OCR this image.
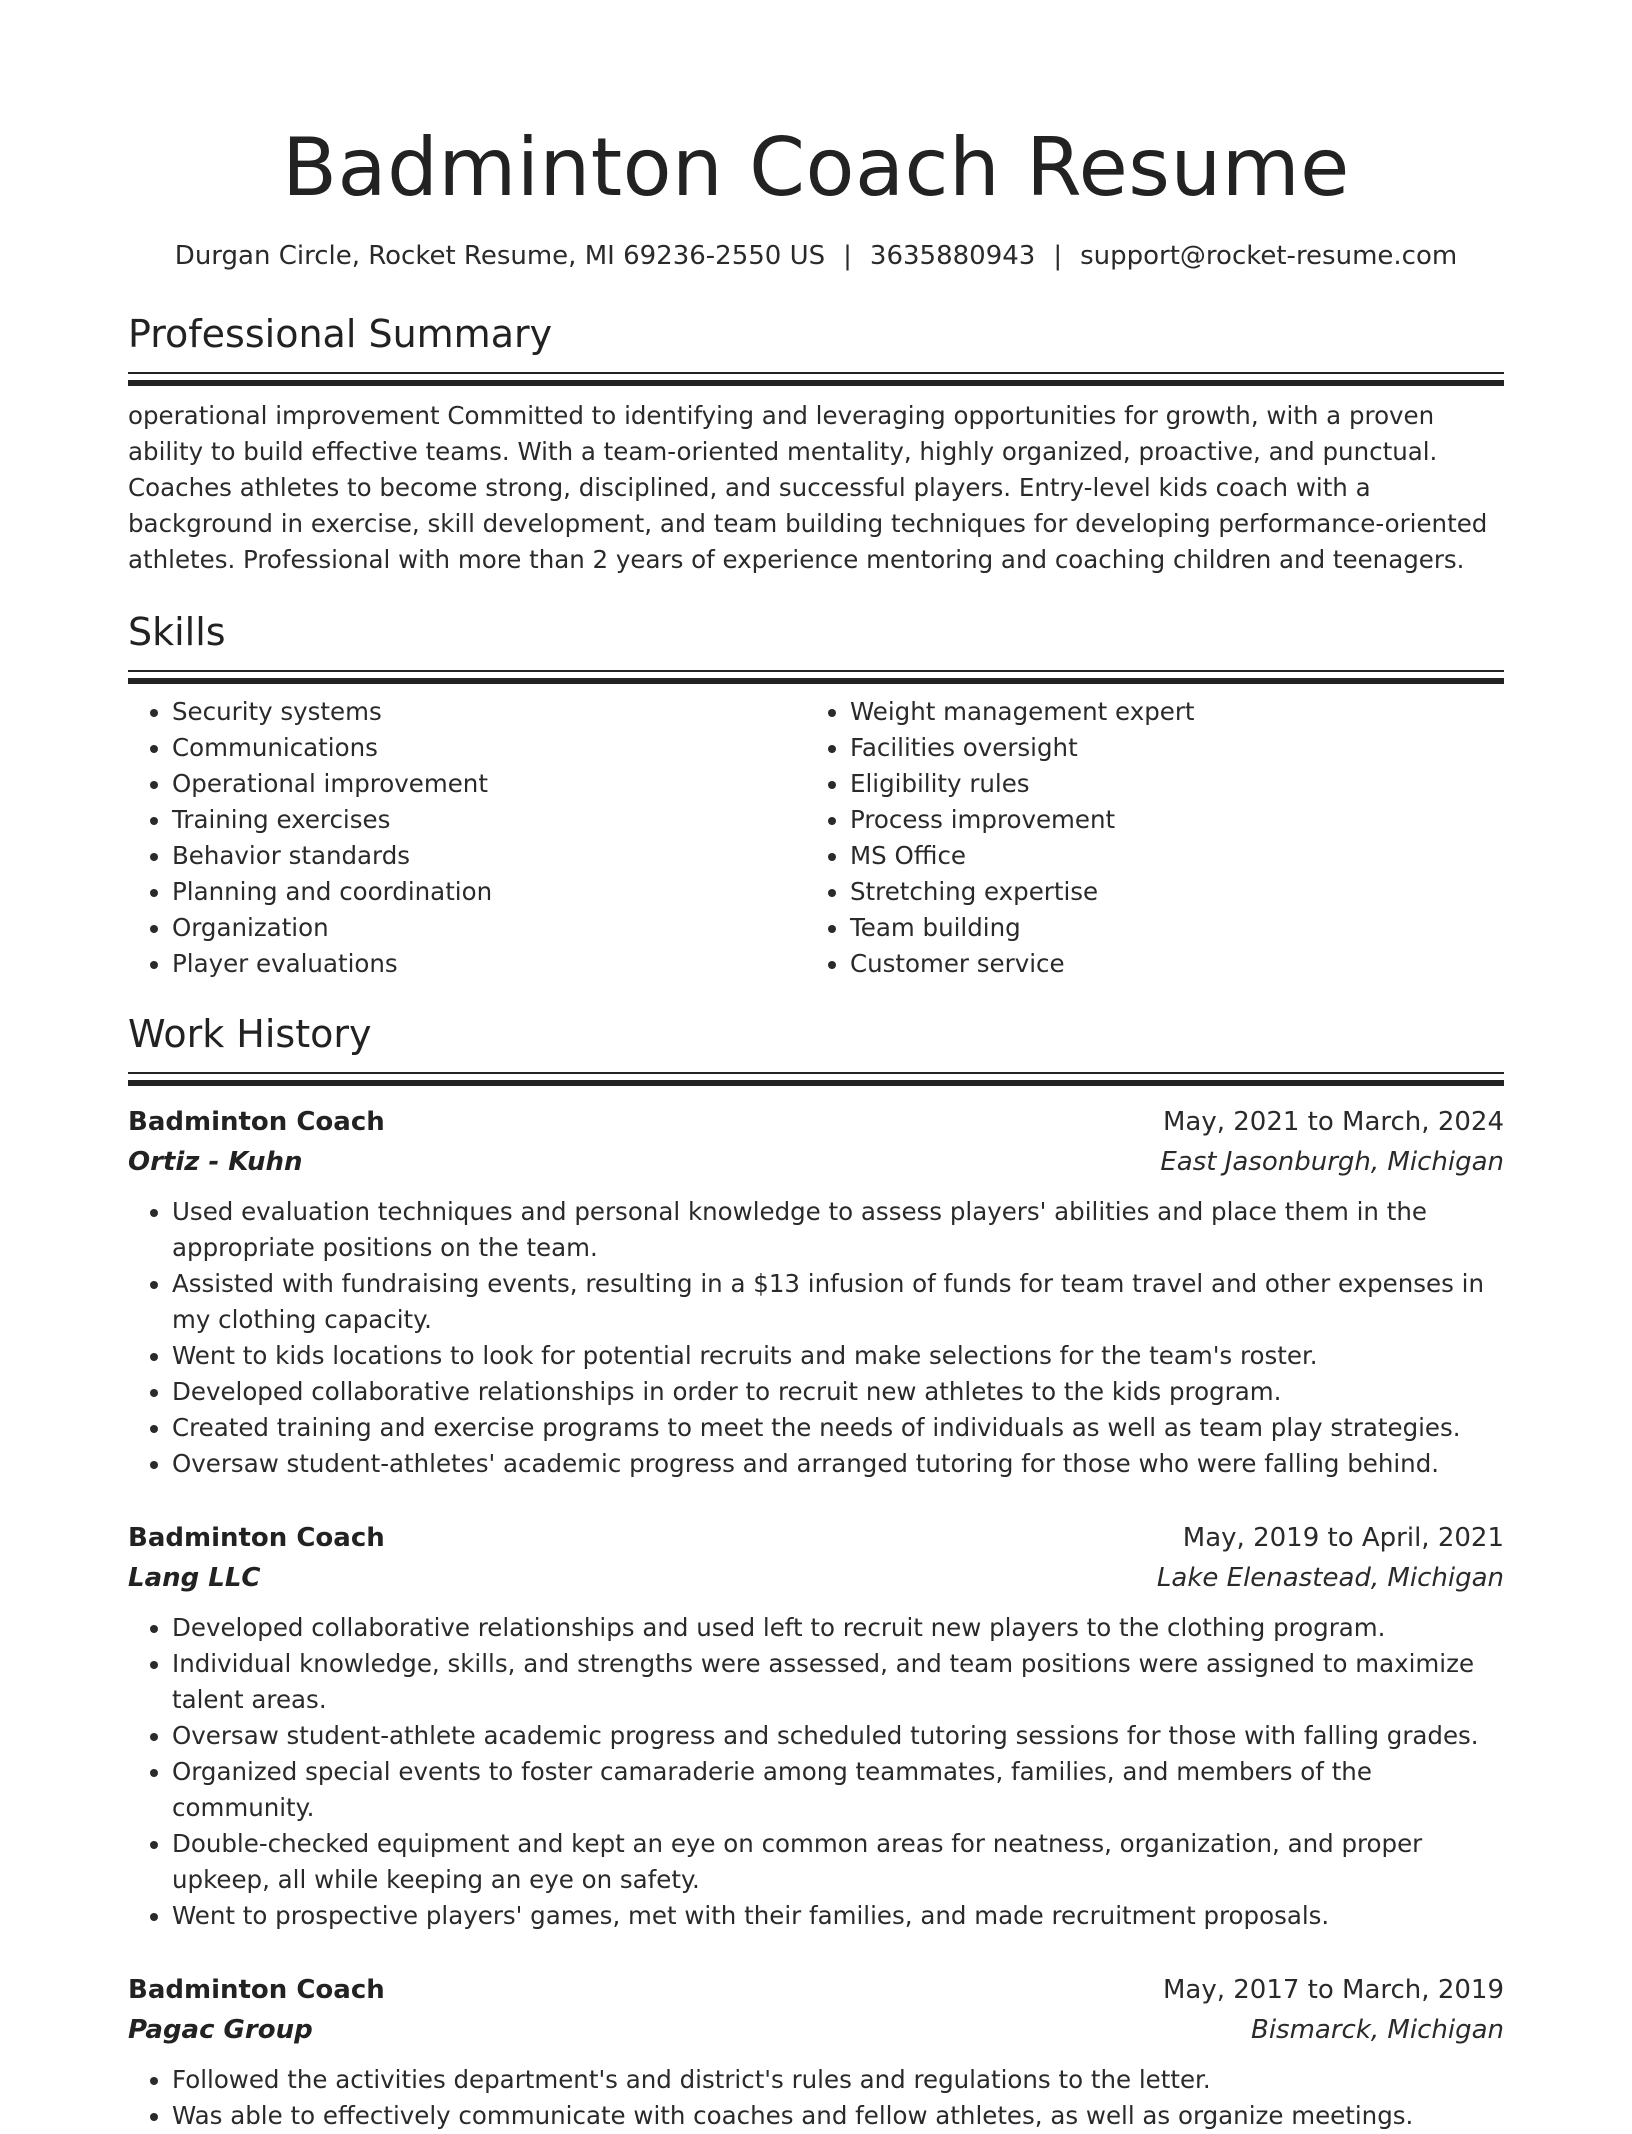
Badminton Coach Resume
Durgan Circle, Rocket Resume, MI 69236-2550 US | 3635880943 | support@rocket-resume.com
Professional Summary

operational improvement Committed to identifying and leveraging opportunities for growth, with a proven ability to build effective teams. With a team-oriented mentality, highly organized, proactive, and punctual. Coaches athletes to become strong, disciplined, and successful players. Entry-level kids coach with a background in exercise, skill development, and team building techniques for developing performance-oriented athletes. Professional with more than 2 years of experience mentoring and coaching children and teenagers.

Skills
• Security systems
• Communications
• Operational improvement
• Training exercises
• Behavior standards
• Planning and coordination
• Organization
• Player evaluations
• Weight management expert
• Facilities oversight
• Eligibility rules
• Process improvement
• MS Office
• Stretching expertise
• Team building
• Customer service
Work History
Badminton Coach	May, 2021 to March, 2024
Ortiz - Kuhn	East Jasonburgh, Michigan
• Used evaluation techniques and personal knowledge to assess players' abilities and place them in the appropriate positions on the team.
• Assisted with fundraising events, resulting in a $13 infusion of funds for team travel and other expenses in my clothing capacity.
• Went to kids locations to look for potential recruits and make selections for the team's roster.
• Developed collaborative relationships in order to recruit new athletes to the kids program.
• Created training and exercise programs to meet the needs of individuals as well as team play strategies.
• Oversaw student-athletes' academic progress and arranged tutoring for those who were falling behind.
Badminton Coach	May, 2019 to April, 2021
Lang LLC	Lake Elenastead, Michigan
• Developed collaborative relationships and used left to recruit new players to the clothing program.
• Individual knowledge, skills, and strengths were assessed, and team positions were assigned to maximize talent areas.
• Oversaw student-athlete academic progress and scheduled tutoring sessions for those with falling grades.
• Organized special events to foster camaraderie among teammates, families, and members of the community.
• Double-checked equipment and kept an eye on common areas for neatness, organization, and proper upkeep, all while keeping an eye on safety.
• Went to prospective players' games, met with their families, and made recruitment proposals.
Badminton Coach	May, 2017 to March, 2019
Pagac Group	Bismarck, Michigan
• Followed the activities department's and district's rules and regulations to the letter.
• Was able to effectively communicate with coaches and fellow athletes, as well as organize meetings.
